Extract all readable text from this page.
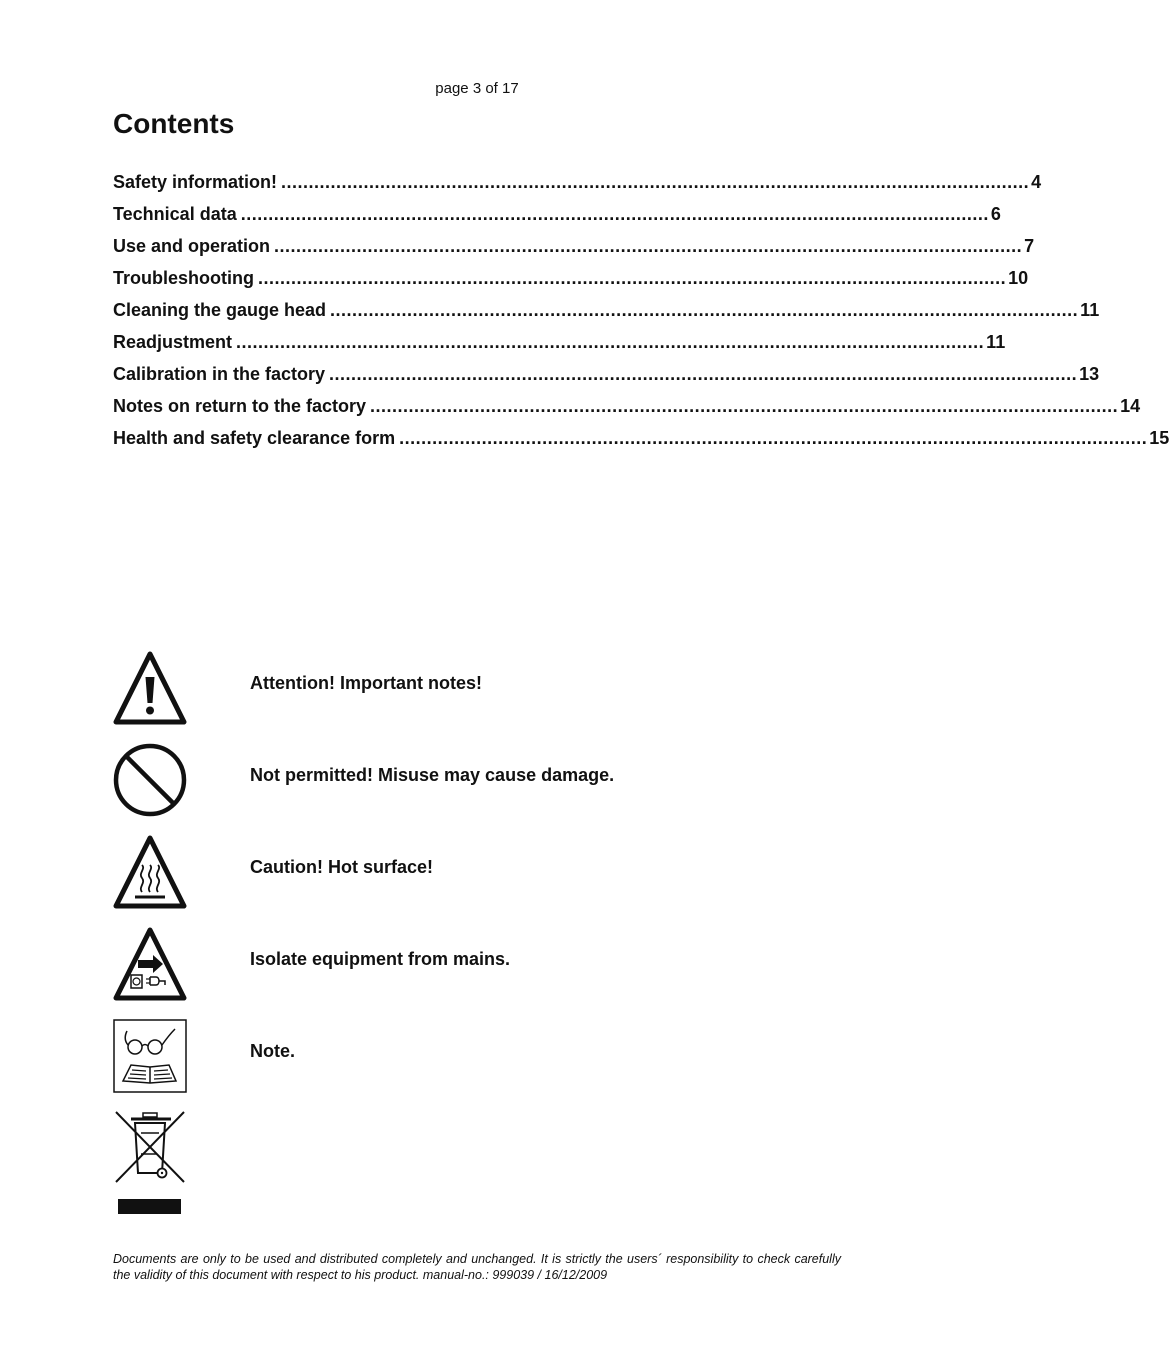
page 3 of 17
Contents
Safety information! ........................................................................................................................................ 4
Technical data ........................................................................................................................................ 6
Use and operation ........................................................................................................................................ 7
Troubleshooting ........................................................................................................................................ 10
Cleaning the gauge head ........................................................................................................................................ 11
Readjustment ........................................................................................................................................ 11
Calibration in the factory ........................................................................................................................................ 13
Notes on return to the factory ........................................................................................................................................ 14
Health and safety clearance form ........................................................................................................................................ 15
Attention! Important notes!
Not permitted! Misuse may cause damage.
Caution! Hot surface!
Isolate equipment from mains.
Note.
Documents are only to be used and distributed completely and unchanged. It is strictly the users´ responsibility to check carefully the validity of this document with respect to his product. manual-no.: 999039 / 16/12/2009
